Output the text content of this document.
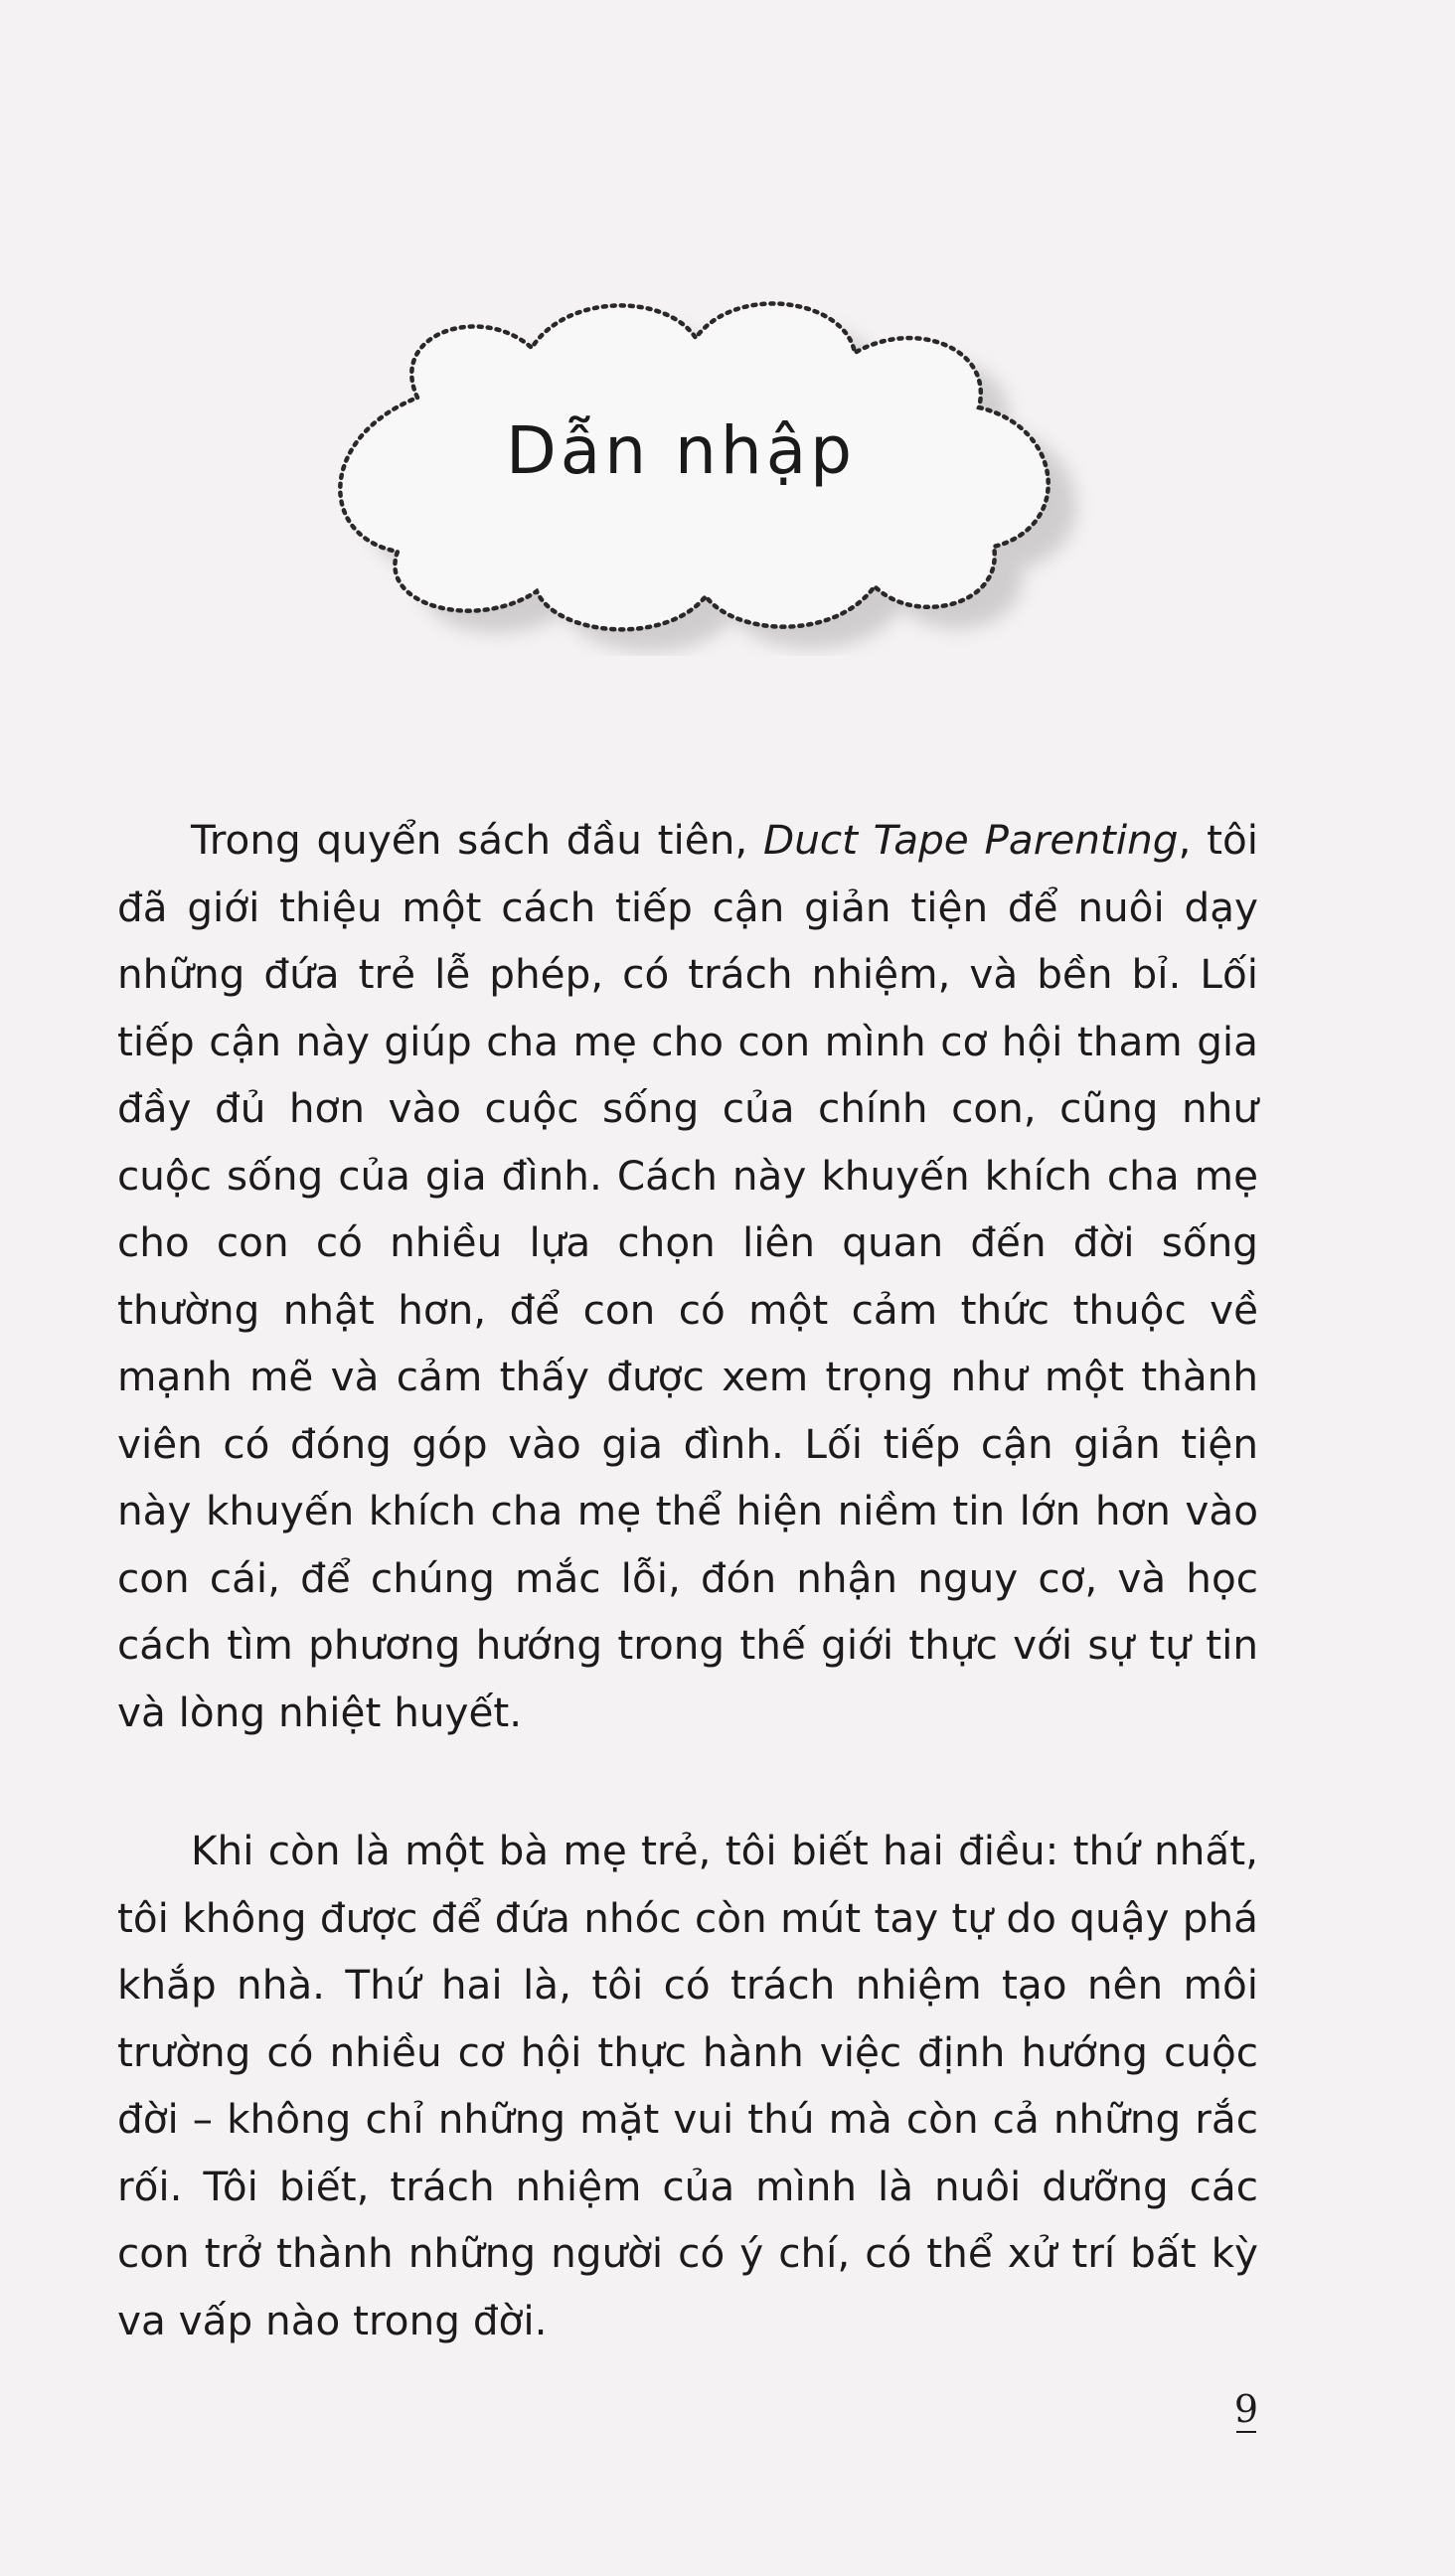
Dẫn nhập

Trong quyển sách đầu tiên, Duct Tape Parenting, tôi đã giới thiệu một cách tiếp cận giản tiện để nuôi dạy những đứa trẻ lễ phép, có trách nhiệm, và bền bỉ. Lối tiếp cận này giúp cha mẹ cho con mình cơ hội tham gia đầy đủ hơn vào cuộc sống của chính con, cũng như cuộc sống của gia đình. Cách này khuyến khích cha mẹ cho con có nhiều lựa chọn liên quan đến đời sống thường nhật hơn, để con có một cảm thức thuộc về mạnh mẽ và cảm thấy được xem trọng như một thành viên có đóng góp vào gia đình. Lối tiếp cận giản tiện này khuyến khích cha mẹ thể hiện niềm tin lớn hơn vào con cái, để chúng mắc lỗi, đón nhận nguy cơ, và học cách tìm phương hướng trong thế giới thực với sự tự tin và lòng nhiệt huyết.

Khi còn là một bà mẹ trẻ, tôi biết hai điều: thứ nhất, tôi không được để đứa nhóc còn mút tay tự do quậy phá khắp nhà. Thứ hai là, tôi có trách nhiệm tạo nên môi trường có nhiều cơ hội thực hành việc định hướng cuộc đời – không chỉ những mặt vui thú mà còn cả những rắc rối. Tôi biết, trách nhiệm của mình là nuôi dưỡng các con trở thành những người có ý chí, có thể xử trí bất kỳ va vấp nào trong đời.

9
